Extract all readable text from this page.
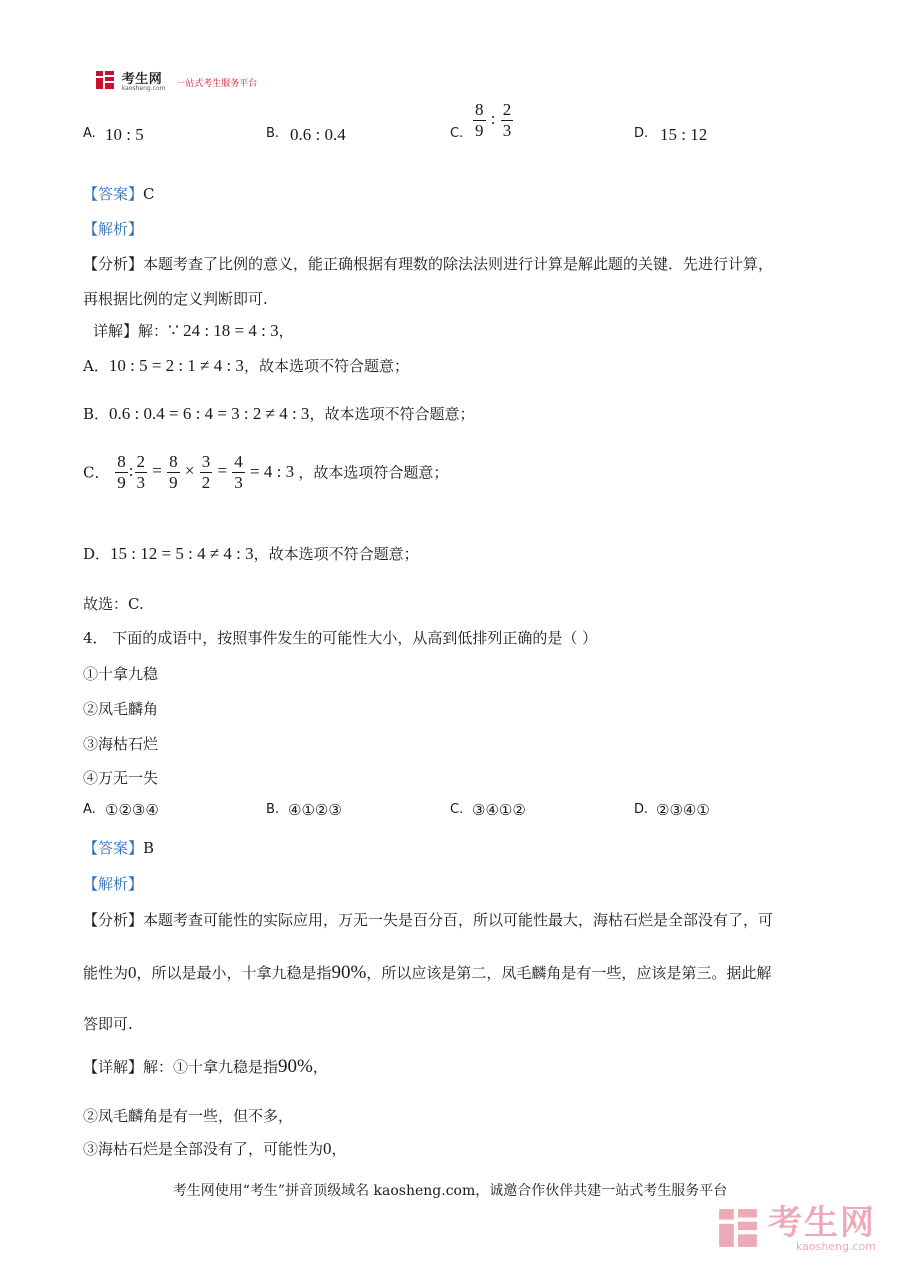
考生网
kaosheng.com 一站式考生服务平台
A. 10 : 5	B. 0.6 : 0.4	C. $\frac{8}{9}$ : $\frac{2}{3}$	D. 15 : 12
【答案】C
【解析】
【分析】本题考查了比例的意义，能正确根据有理数的除法法则进行计算是解此题的关键．先进行计算，
再根据比例的定义判断即可.
详解】解：∵ 24 : 18 = 4 : 3，
A．10 : 5 = 2 : 1 ≠ 4 : 3，故本选项不符合题意；
B．0.6 : 0.4 = 6 : 4 = 3 : 2 ≠ 4 : 3，故本选项不符合题意；
C． $\frac{8}{9}$ : $\frac{2}{3} = \frac{8}{9} \times \frac{3}{2} = \frac{4}{3} = 4$ : 3 ，故本选项符合题意；
D．15 : 12 = 5 : 4 ≠ 4 : 3，故本选项不符合题意；
故选：C.
4． 下面的成语中，按照事件发生的可能性大小，从高到低排列正确的是（ ）
①十拿九稳
②凤毛麟角
③海枯石烂
④万无一失
A. ①②③④	B. ④①②③	C. ③④①②	D. ②③④①
【答案】B
【解析】
【分析】本题考查可能性的实际应用，万无一失是百分百，所以可能性最大，海枯石烂是全部没有了，可
能性为0，所以是最小，十拿九稳是指90%，所以应该是第二，凤毛麟角是有一些，应该是第三。据此解
答即可.
【详解】解：①十拿九稳是指90%，
②凤毛麟角是有一些，但不多，
③海枯石烂是全部没有了，可能性为0，
考生网使用“考生”拼音顶级域名 kaosheng.com，诚邀合作伙伴共建一站式考生服务平台

考生网
kaosheng.com
